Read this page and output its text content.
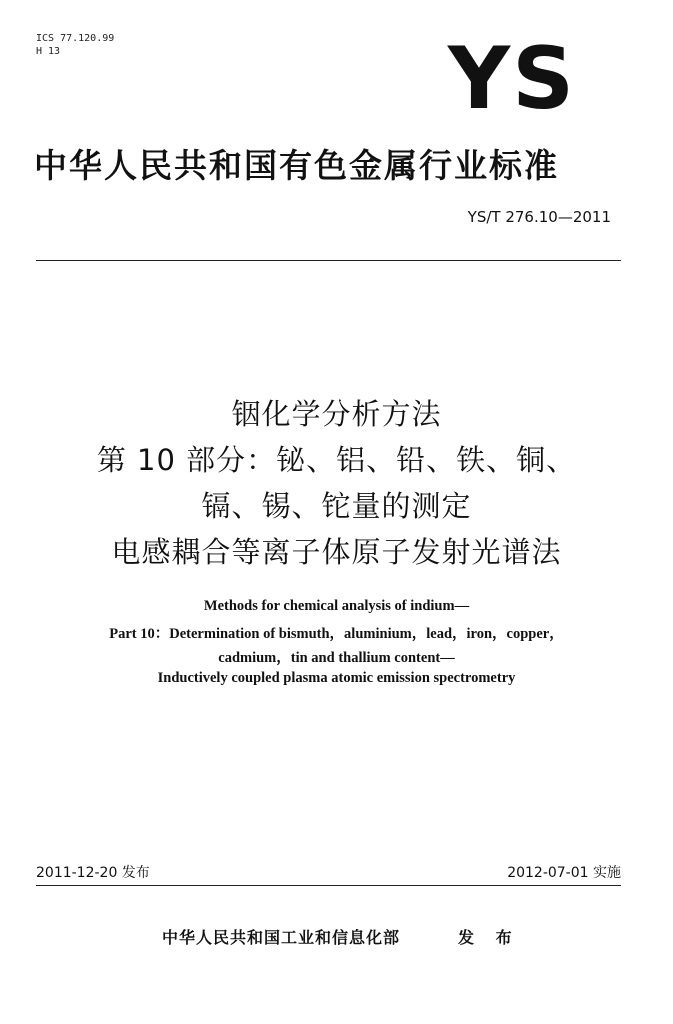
ICS 77.120.99
H 13	YS
中华人民共和国有色金属行业标准
YS/T 276.10—2011
铟化学分析方法
第 10 部分：铋、铝、铅、铁、铜、
镉、锡、铊量的测定
电感耦合等离子体原子发射光谱法
Methods for chemical analysis of indium—
Part 10：Determination of bismuth，aluminium，lead，iron，copper，
cadmium，tin and thallium content—
Inductively coupled plasma atomic emission spectrometry
2011-12-20 发布	2012-07-01 实施
中华人民共和国工业和信息化部	发 布
